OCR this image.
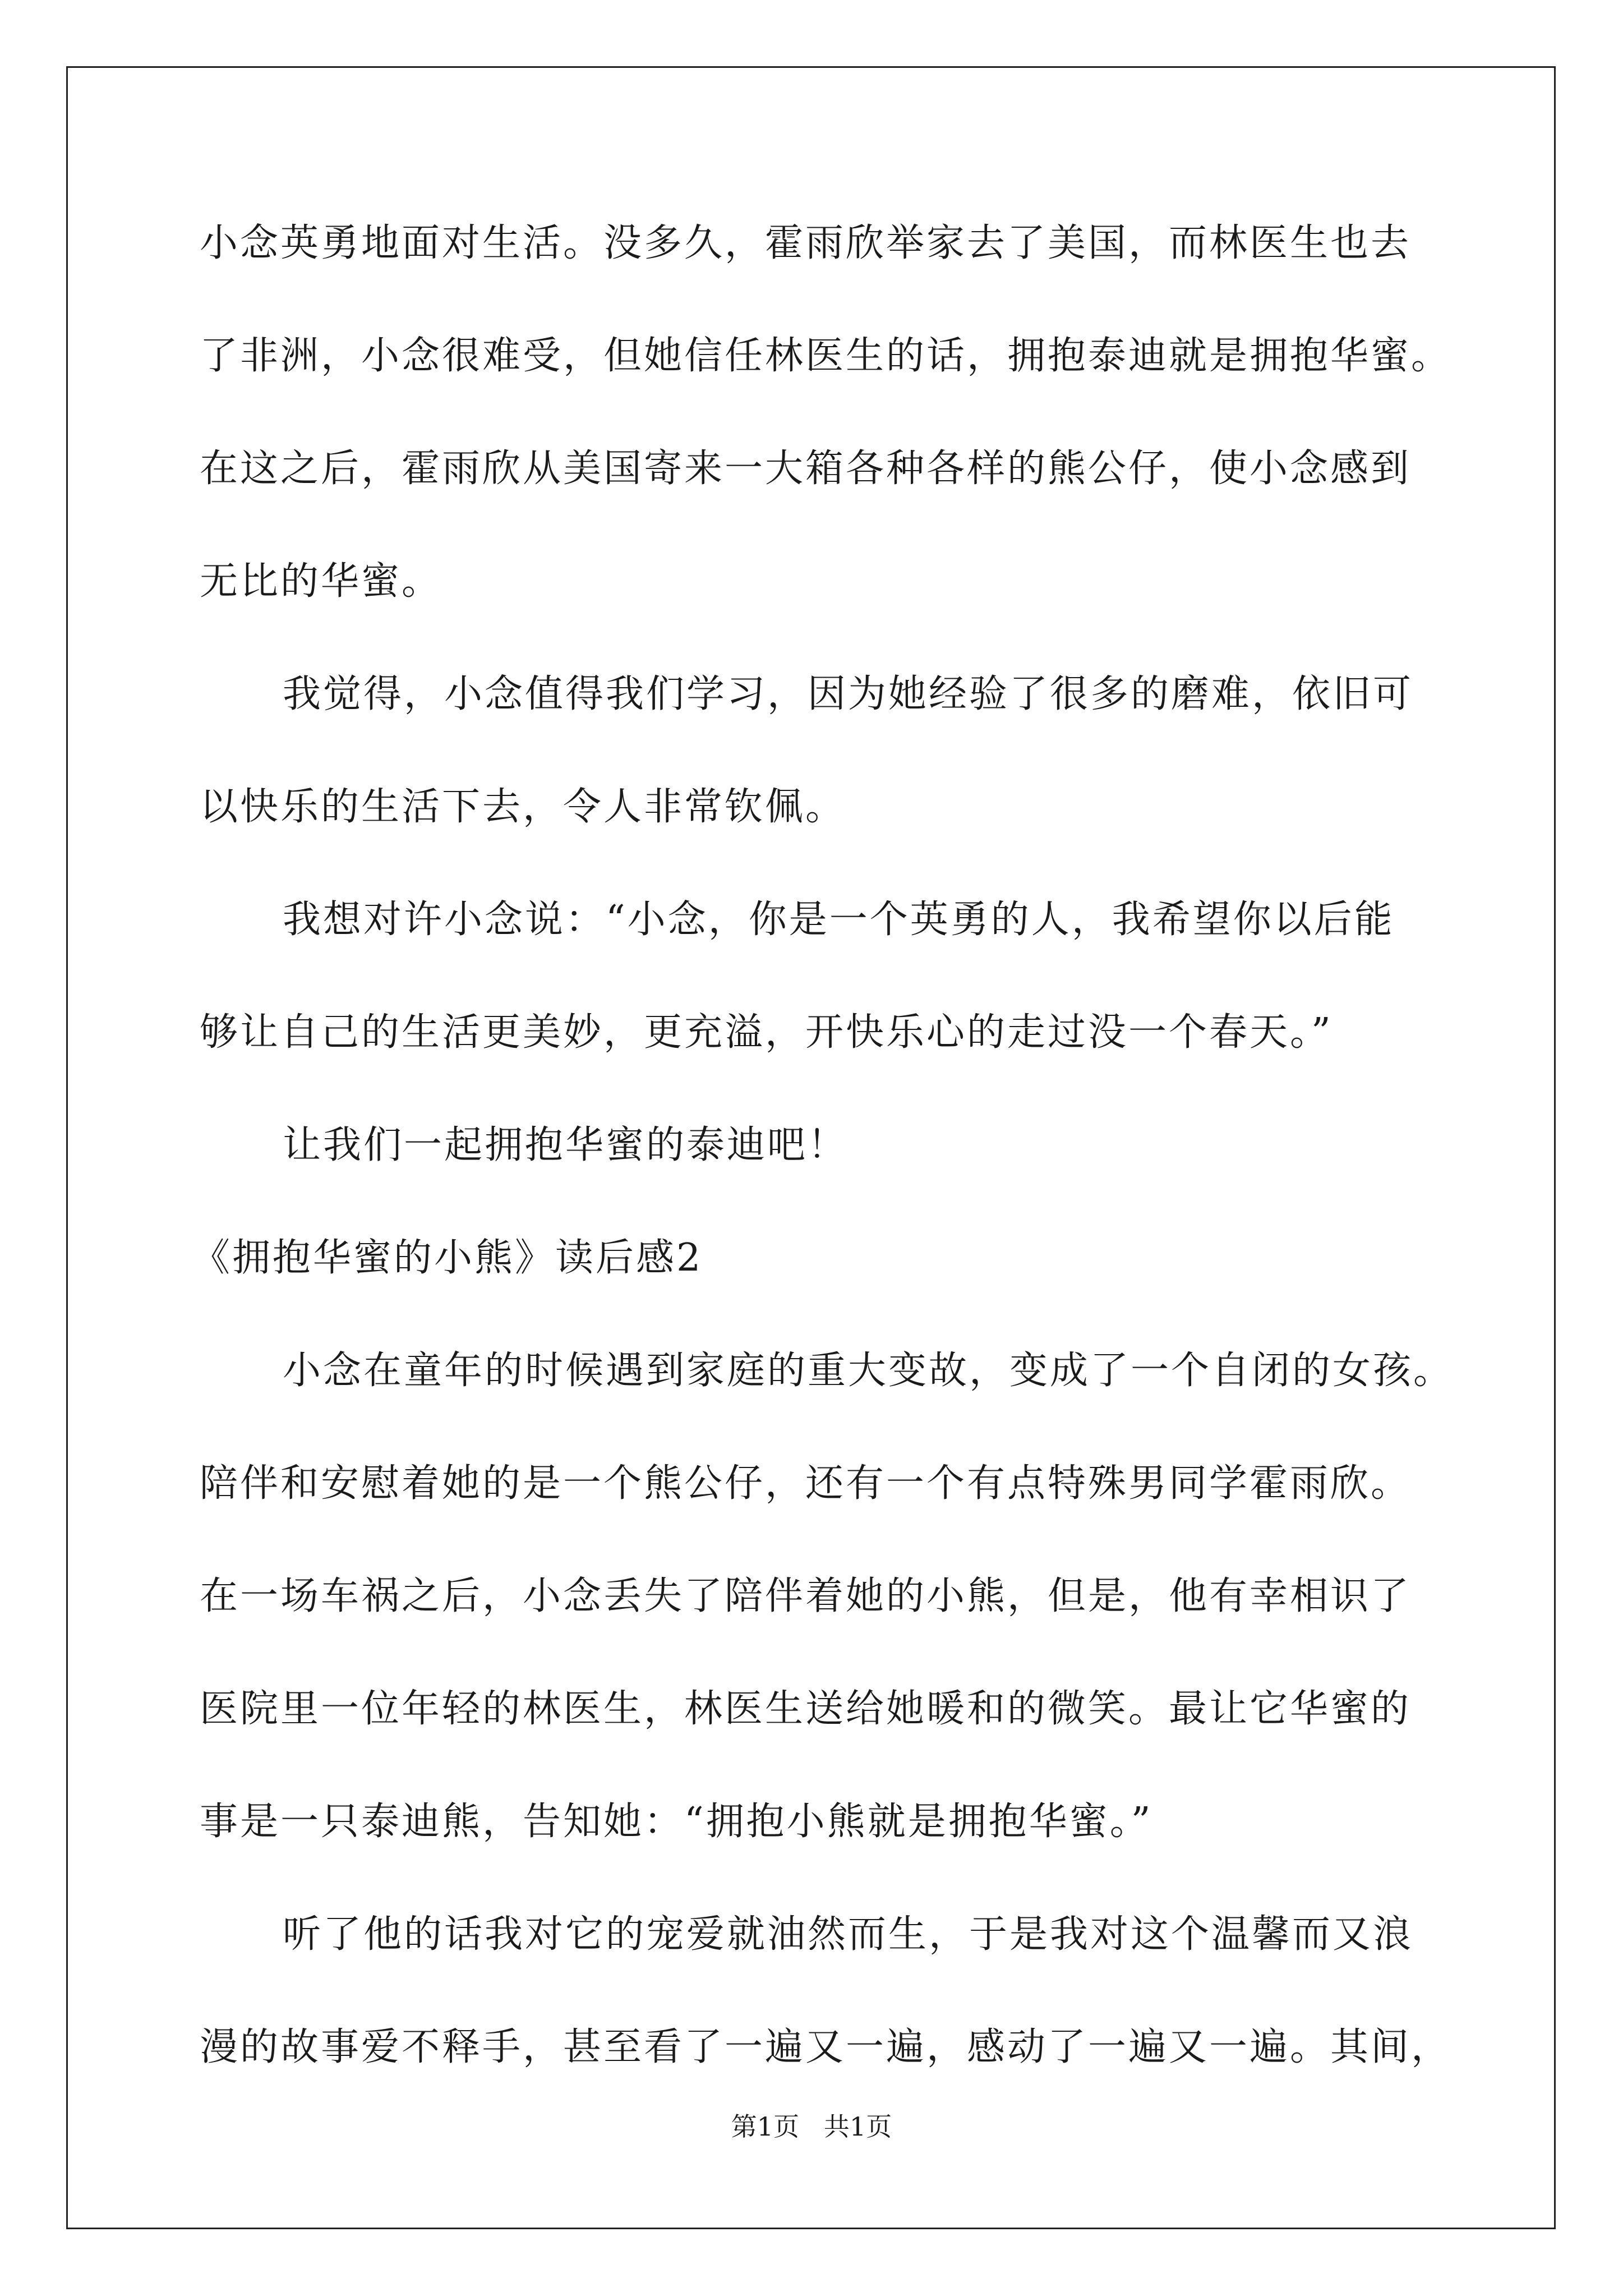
小念英勇地面对生活。没多久，霍雨欣举家去了美国，而林医生也去
了非洲，小念很难受，但她信任林医生的话，拥抱泰迪就是拥抱华蜜。
在这之后，霍雨欣从美国寄来一大箱各种各样的熊公仔，使小念感到
无比的华蜜。
我觉得，小念值得我们学习，因为她经验了很多的磨难，依旧可
以快乐的生活下去，令人非常钦佩。
我想对许小念说：“小念，你是一个英勇的人，我希望你以后能
够让自己的生活更美妙，更充溢，开快乐心的走过没一个春天。”
让我们一起拥抱华蜜的泰迪吧！
《拥抱华蜜的小熊》读后感2
小念在童年的时候遇到家庭的重大变故，变成了一个自闭的女孩。
陪伴和安慰着她的是一个熊公仔，还有一个有点特殊男同学霍雨欣。
在一场车祸之后，小念丢失了陪伴着她的小熊，但是，他有幸相识了
医院里一位年轻的林医生，林医生送给她暖和的微笑。最让它华蜜的
事是一只泰迪熊，告知她：“拥抱小熊就是拥抱华蜜。”
听了他的话我对它的宠爱就油然而生，于是我对这个温馨而又浪
漫的故事爱不释手，甚至看了一遍又一遍，感动了一遍又一遍。其间，
第1页   共1页
